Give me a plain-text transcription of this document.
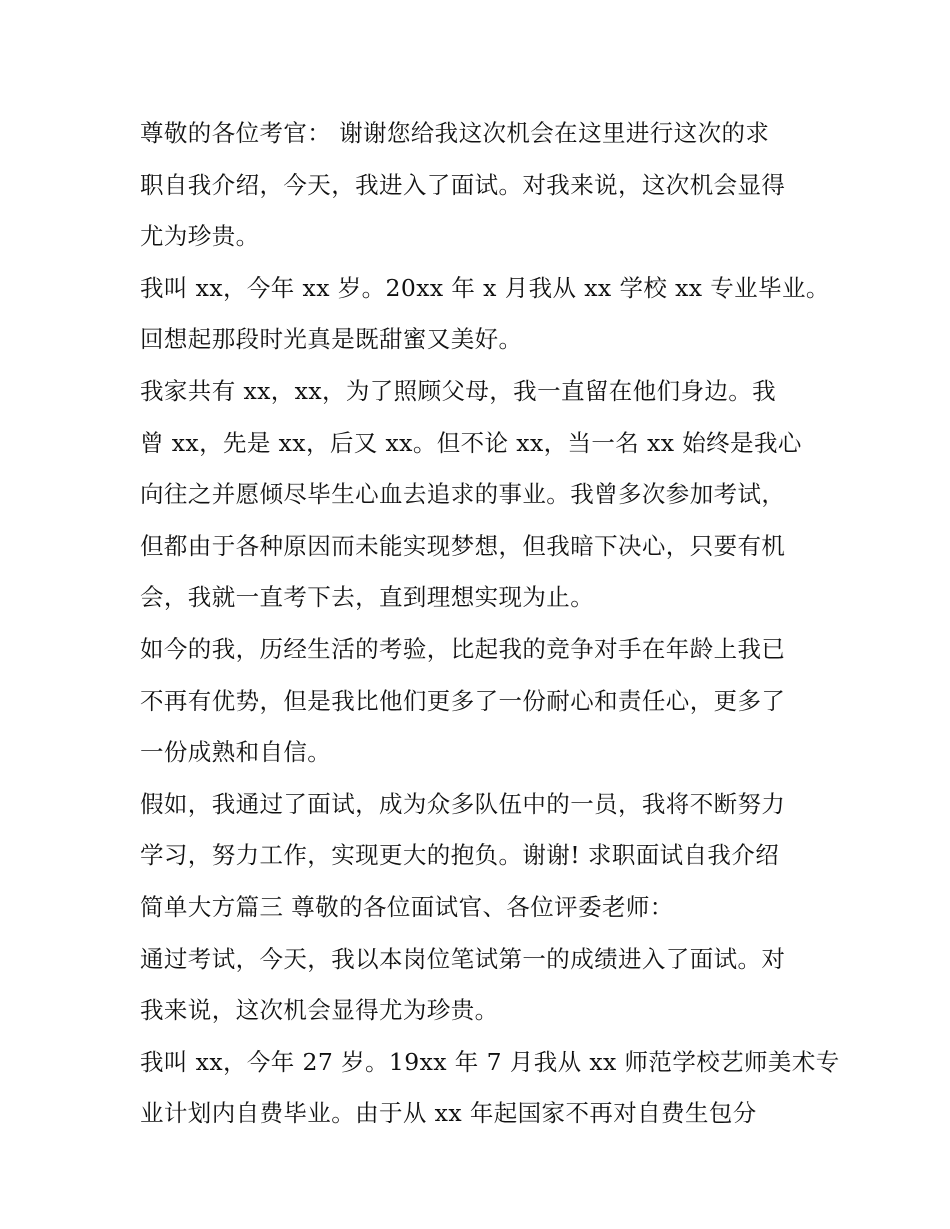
尊敬的各位考官： 谢谢您给我这次机会在这里进行这次的求
职自我介绍，今天，我进入了面试。对我来说，这次机会显得
尤为珍贵。
我叫 xx，今年 xx 岁。20xx 年 x 月我从 xx 学校 xx 专业毕业。
回想起那段时光真是既甜蜜又美好。
我家共有 xx，xx，为了照顾父母，我一直留在他们身边。我
曾 xx，先是 xx，后又 xx。但不论 xx，当一名 xx 始终是我心
向往之并愿倾尽毕生心血去追求的事业。我曾多次参加考试，
但都由于各种原因而未能实现梦想，但我暗下决心，只要有机
会，我就一直考下去，直到理想实现为止。
如今的我，历经生活的考验，比起我的竞争对手在年龄上我已
不再有优势，但是我比他们更多了一份耐心和责任心，更多了
一份成熟和自信。
假如，我通过了面试，成为众多队伍中的一员，我将不断努力
学习，努力工作，实现更大的抱负。谢谢! 求职面试自我介绍
简单大方篇三 尊敬的各位面试官、各位评委老师：
通过考试，今天，我以本岗位笔试第一的成绩进入了面试。对
我来说，这次机会显得尤为珍贵。
我叫 xx，今年 27 岁。19xx 年 7 月我从 xx 师范学校艺师美术专
业计划内自费毕业。由于从 xx 年起国家不再对自费生包分
